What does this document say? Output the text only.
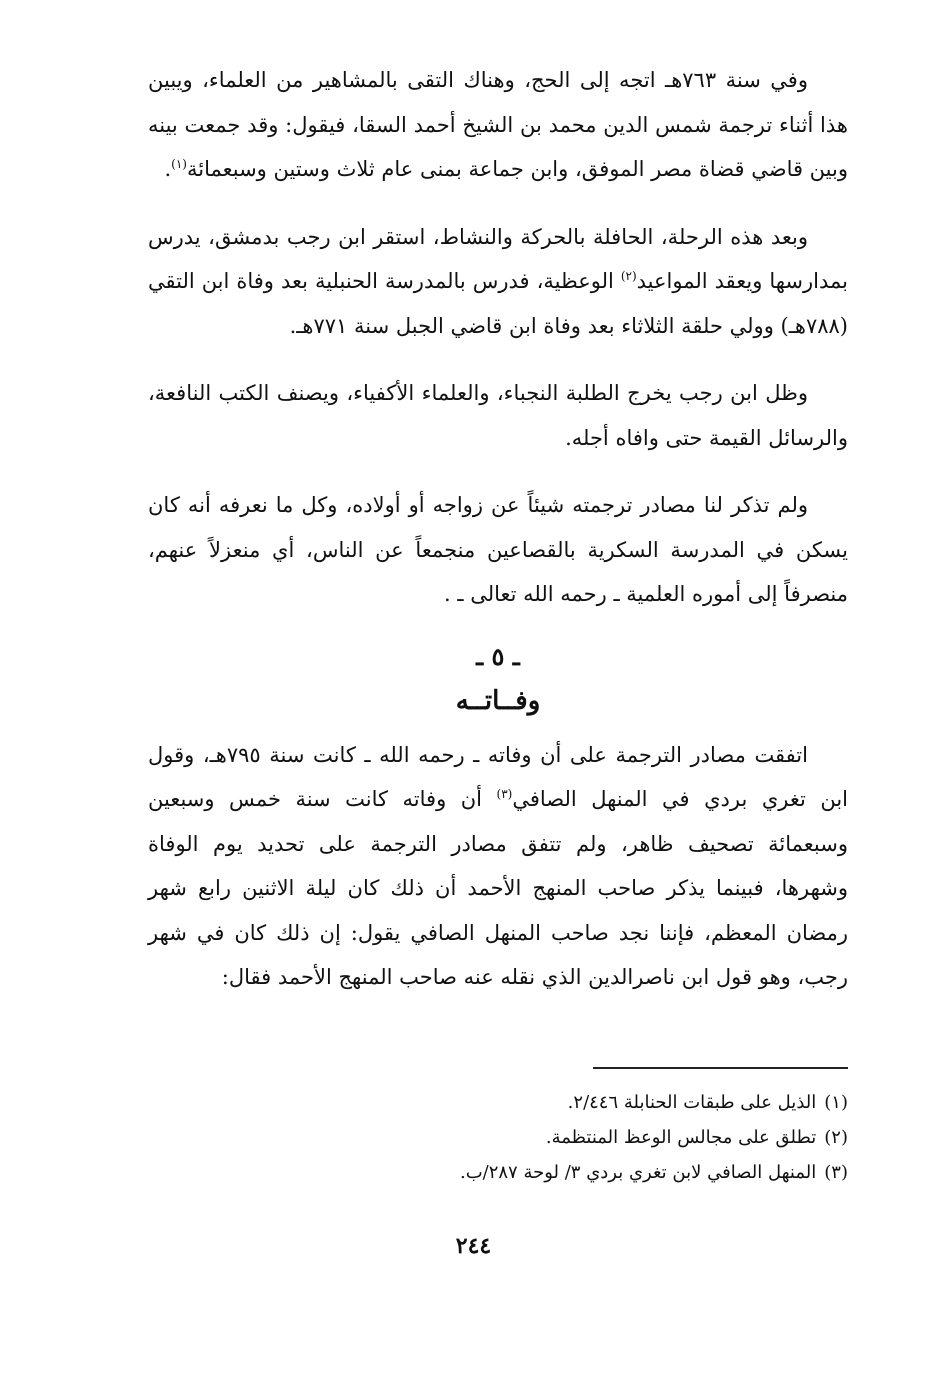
وفي سنة ٧٦٣هـ اتجه إلى الحج، وهناك التقى بالمشاهير من العلماء، ويبين هذا أثناء ترجمة شمس الدين محمد بن الشيخ أحمد السقا، فيقول: وقد جمعت بينه وبين قاضي قضاة مصر الموفق، وابن جماعة بمنى عام ثلاث وستين وسبعمائة$^{(١)}$.

وبعد هذه الرحلة، الحافلة بالحركة والنشاط، استقر ابن رجب بدمشق، يدرس بمدارسها ويعقد المواعيد$^{(٢)}$ الوعظية، فدرس بالمدرسة الحنبلية بعد وفاة ابن التقي (٧٨٨هـ) وولي حلقة الثلاثاء بعد وفاة ابن قاضي الجبل سنة ٧٧١هـ.

وظل ابن رجب يخرج الطلبة النجباء، والعلماء الأكفياء، ويصنف الكتب النافعة، والرسائل القيمة حتى وافاه أجله.

ولم تذكر لنا مصادر ترجمته شيئاً عن زواجه أو أولاده، وكل ما نعرفه أنه كان يسكن في المدرسة السكرية بالقصاعين منجمعاً عن الناس، أي منعزلاً عنهم، منصرفاً إلى أموره العلمية ـ رحمه الله تعالى ـ .

ـ ٥ ـ
وفــاتــه

اتفقت مصادر الترجمة على أن وفاته ـ رحمه الله ـ كانت سنة ٧٩٥هـ، وقول ابن تغري بردي في المنهل الصافي$^{(٣)}$ أن وفاته كانت سنة خمس وسبعين وسبعمائة تصحيف ظاهر، ولم تتفق مصادر الترجمة على تحديد يوم الوفاة وشهرها، فبينما يذكر صاحب المنهج الأحمد أن ذلك كان ليلة الاثنين رابع شهر رمضان المعظم، فإننا نجد صاحب المنهل الصافي يقول: إن ذلك كان في شهر رجب، وهو قول ابن ناصرالدين الذي نقله عنه صاحب المنهج الأحمد فقال:

(١)الذيل على طبقات الحنابلة ٢/٤٤٦.

(٢)تطلق على مجالس الوعظ المنتظمة.

(٣)المنهل الصافي لابن تغري بردي ٣/ لوحة ٢٨٧/ب.

٢٤٤
